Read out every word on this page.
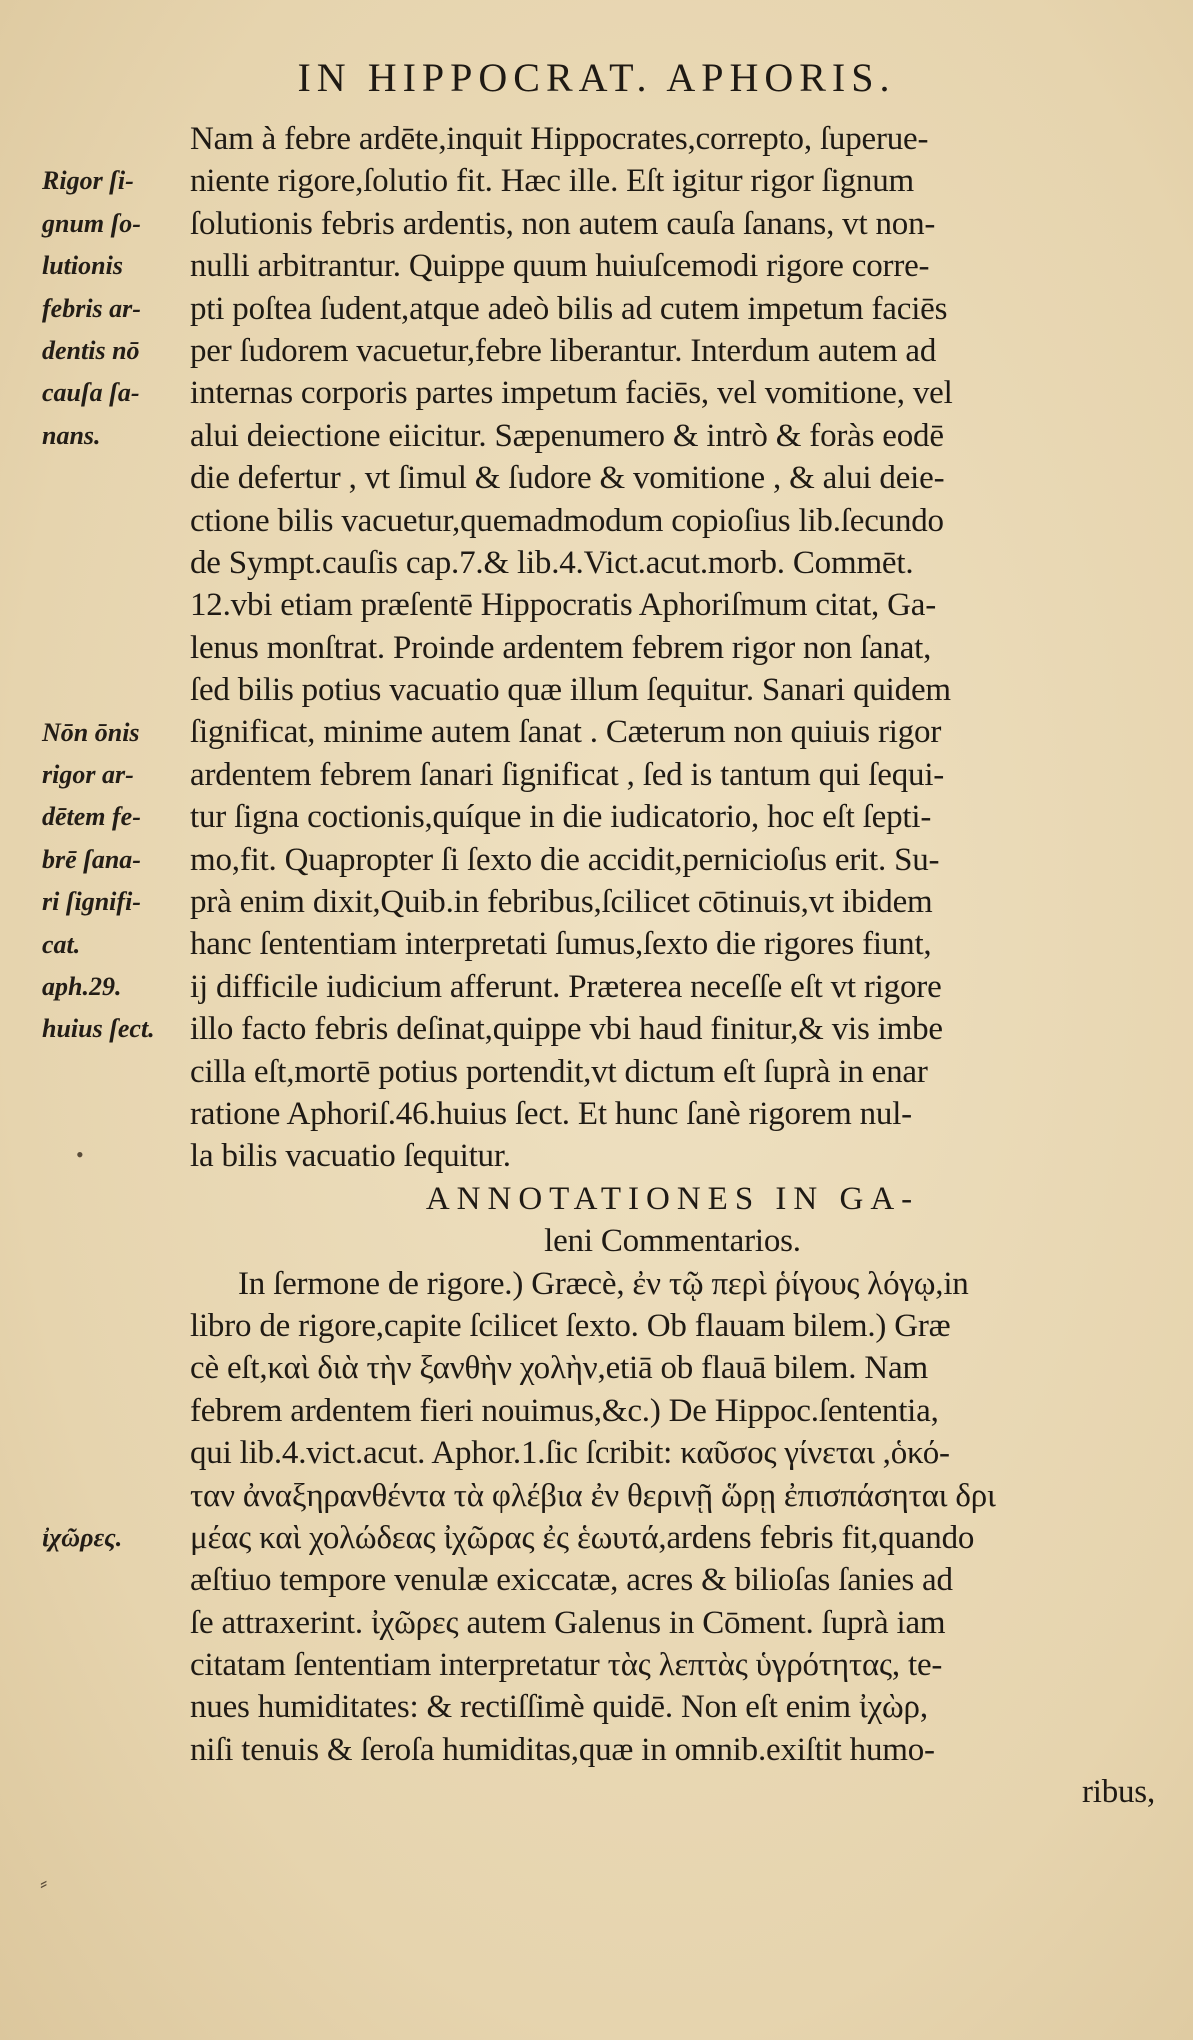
IN HIPPOCRAT. APHORIS.
Nam à febre ardēte,inquit Hippocrates,correpto, ſuperue-
niente rigore,ſolutio fit. Hæc ille. Eſt igitur rigor ſignum
ſolutionis febris ardentis, non autem cauſa ſanans, vt non-
nulli arbitrantur. Quippe quum huiuſcemodi rigore corre-
pti poſtea ſudent,atque adeò bilis ad cutem impetum faciēs
per ſudorem vacuetur,febre liberantur. Interdum autem ad
internas corporis partes impetum faciēs, vel vomitione, vel
alui deiectione eiicitur. Sæpenumero & intrò & foràs eodē
die defertur , vt ſimul & ſudore & vomitione , & alui deie-
ctione bilis vacuetur,quemadmodum copioſius lib.ſecundo
de Sympt.cauſis cap.7.& lib.4.Vict.acut.morb. Commēt.
12.vbi etiam præſentē Hippocratis Aphoriſmum citat, Ga-
lenus monſtrat. Proinde ardentem febrem rigor non ſanat,
ſed bilis potius vacuatio quæ illum ſequitur. Sanari quidem
ſignificat, minime autem ſanat . Cæterum non quiuis rigor
ardentem febrem ſanari ſignificat , ſed is tantum qui ſequi-
tur ſigna coctionis,quíque in die iudicatorio, hoc eſt ſepti-
mo,fit. Quapropter ſi ſexto die accidit,pernicioſus erit. Su-
prà enim dixit,Quib.in febribus,ſcilicet cōtinuis,vt ibidem
hanc ſententiam interpretati ſumus,ſexto die rigores fiunt,
ij difficile iudicium afferunt. Præterea neceſſe eſt vt rigore
illo facto febris deſinat,quippe vbi haud finitur,& vis imbe
cilla eſt,mortē potius portendit,vt dictum eſt ſuprà in enar
ratione Aphoriſ.46.huius ſect. Et hunc ſanè rigorem nul-
la bilis vacuatio ſequitur.
ANNOTATIONES IN GA-
leni Commentarios.
In ſermone de rigore.) Græcè, ἐν τῷ περὶ ῥίγους λόγῳ,in
libro de rigore,capite ſcilicet ſexto. Ob flauam bilem.) Græ
cè eſt,καὶ διὰ τὴν ξανθὴν χολὴν,etiā ob flauā bilem. Nam
febrem ardentem fieri nouimus,&c.) De Hippoc.ſententia,
qui lib.4.vict.acut. Aphor.1.ſic ſcribit: καῦσος γίνεται ,ὁκό-
ταν ἀναξηρανθέντα τὰ φλέβια ἐν θερινῇ ὥρῃ ἐπισπάσηται δρι
μέας καὶ χολώδεας ἰχῶρας ἐς ἑωυτά,ardens febris fit,quando
æſtiuo tempore venulæ exiccatæ, acres & bilioſas ſanies ad
ſe attraxerint. ἰχῶρες autem Galenus in Cōment. ſuprà iam
citatam ſententiam interpretatur τὰς λεπτὰς ὑγρότητας, te-
nues humiditates: & rectiſſimè quidē. Non eſt enim ἰχὼρ,
niſi tenuis & ſeroſa humiditas,quæ in omnib.exiſtit humo-
ribus,
Rigor ſi-
gnum ſo-
lutionis
febris ar-
dentis nō
cauſa ſa-
nans.
Nōn ōnis
rigor ar-
dētem fe-
brē ſana-
ri ſignifi-
cat.
aph.29.
huius ſect.
ἰχῶρες.
•
⸗
